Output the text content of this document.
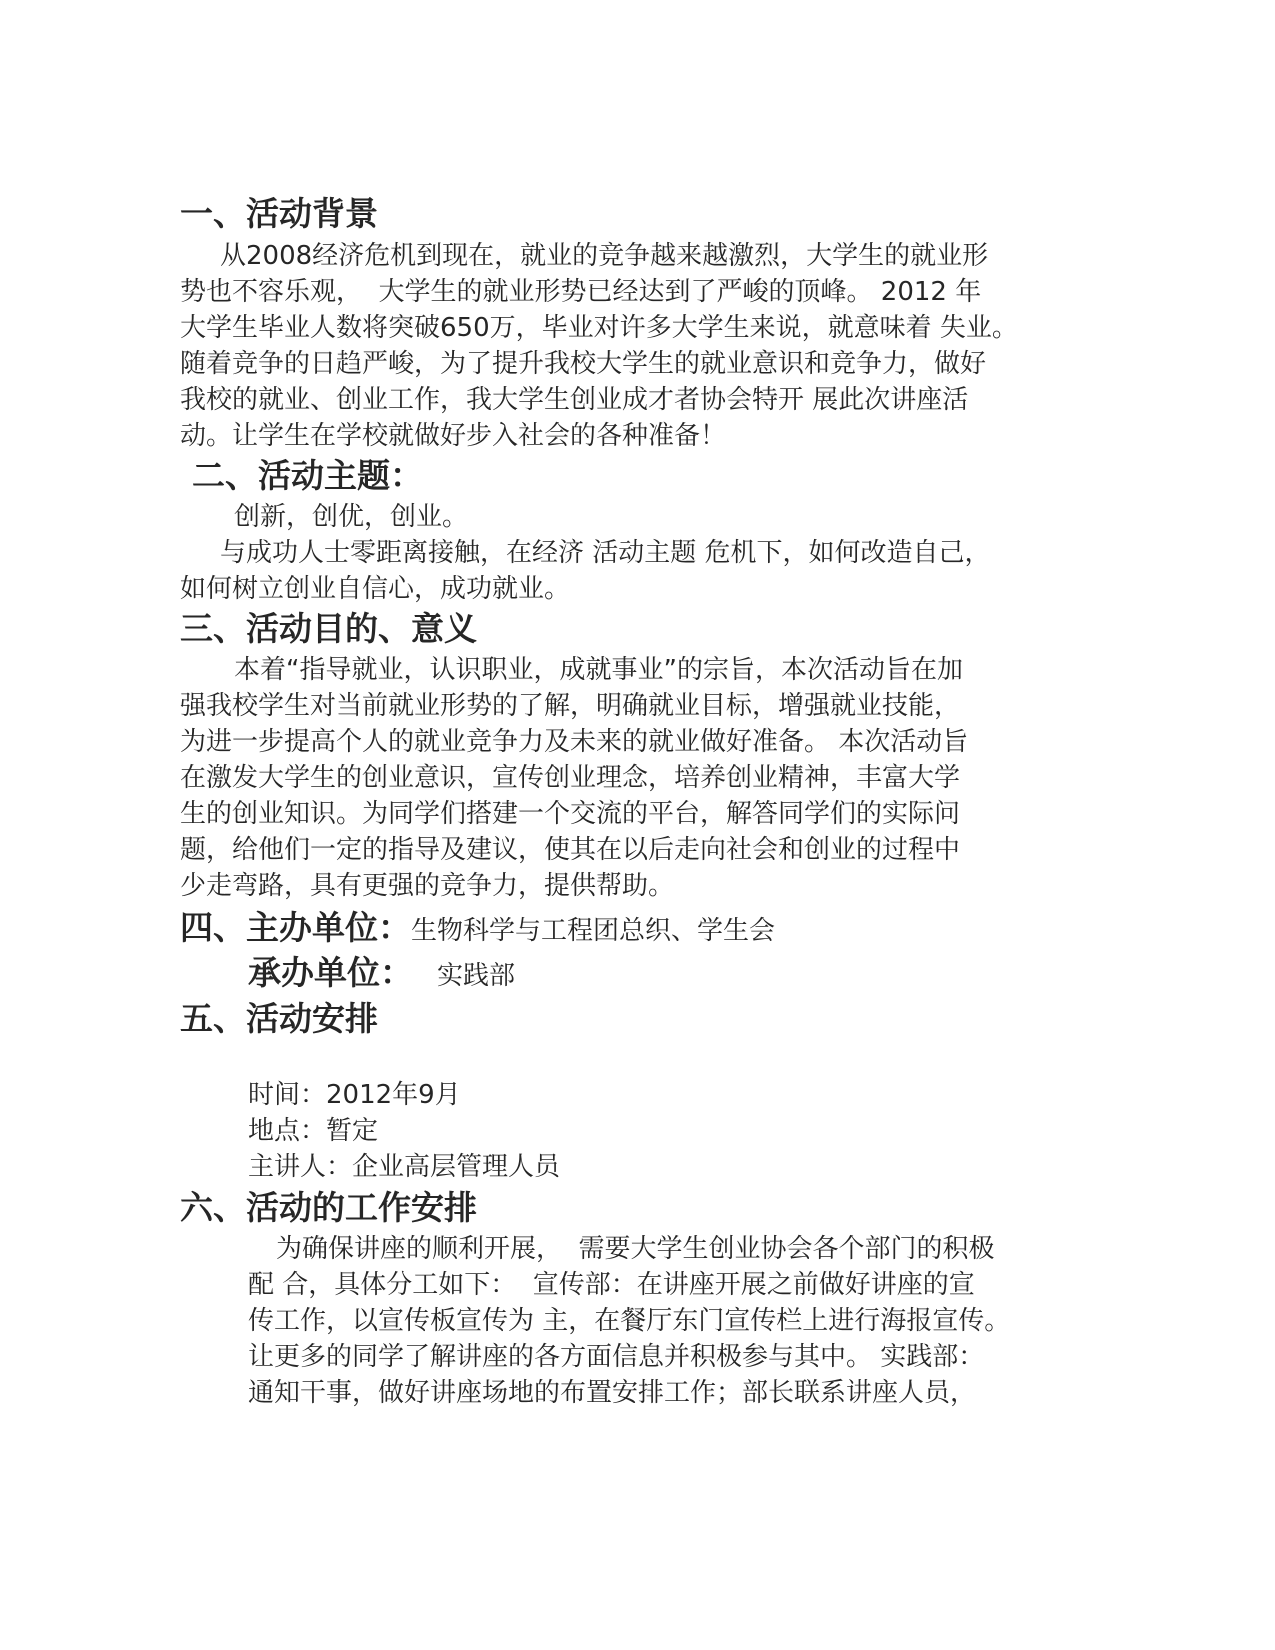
一、活动背景
从2008经济危机到现在，就业的竞争越来越激烈，大学生的就业形
势也不容乐观，  大学生的就业形势已经达到了严峻的顶峰。 2012 年
大学生毕业人数将突破650万，毕业对许多大学生来说，就意味着 失业。
随着竞争的日趋严峻，为了提升我校大学生的就业意识和竞争力，做好
我校的就业、创业工作，我大学生创业成才者协会特开 展此次讲座活
动。让学生在学校就做好步入社会的各种准备！
二、活动主题：
创新，创优，创业。
与成功人士零距离接触，在经济 活动主题 危机下，如何改造自己，
如何树立创业自信心，成功就业。
三、活动目的、意义
本着“指导就业，认识职业，成就事业”的宗旨，本次活动旨在加
强我校学生对当前就业形势的了解，明确就业目标，增强就业技能，
为进一步提高个人的就业竞争力及未来的就业做好准备。 本次活动旨
在激发大学生的创业意识，宣传创业理念，培养创业精神，丰富大学
生的创业知识。为同学们搭建一个交流的平台，解答同学们的实际问
题，给他们一定的指导及建议，使其在以后走向社会和创业的过程中
少走弯路，具有更强的竞争力，提供帮助。
四、主办单位：生物科学与工程团总织、学生会
承办单位： 实践部
五、活动安排
时间：2012年9月
地点：暂定
主讲人：企业高层管理人员
六、活动的工作安排
为确保讲座的顺利开展，  需要大学生创业协会各个部门的积极
配 合，具体分工如下：  宣传部：在讲座开展之前做好讲座的宣
传工作，以宣传板宣传为 主，在餐厅东门宣传栏上进行海报宣传。
让更多的同学了解讲座的各方面信息并积极参与其中。 实践部：
通知干事，做好讲座场地的布置安排工作；部长联系讲座人员，
